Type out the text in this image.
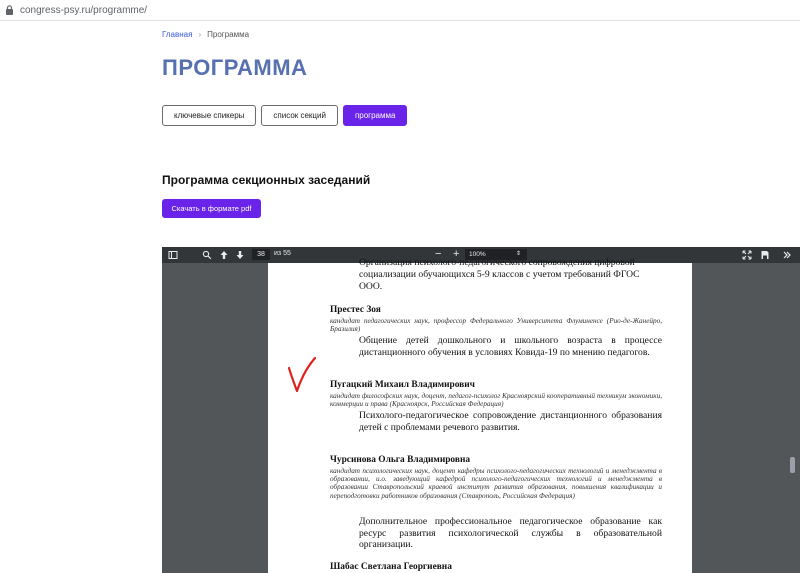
congress-psy.ru/programme/
Главная › Программа
ПРОГРАММА
ключевые спикеры	список секций	программа
Программа секционных заседаний
Скачать в формате pdf
38	из 55	− +	100%	⇕
Организация психолого-педагогического сопровождения цифровой
социализации обучающихся 5-9 классов с учетом требований ФГОС
ООО.
Престес Зоя
кандидат педагогических наук, профессор Федерального Университета Флуминенсе (Рио-де-Жанейро, Бразилия)
Общение детей дошкольного и школьного возраста в процессе дистанционного обучения в условиях Ковида-19 по мнению педагогов.
Пугацкий Михаил Владимирович
кандидат философских наук, доцент, педагог-психолог Красноярский кооперативный техникум экономики, коммерции и права (Красноярск, Российская Федерация)
Психолого-педагогическое сопровождение дистанционного образования детей с проблемами речевого развития.
Чурсинова Ольга Владимировна
кандидат психологических наук, доцент кафедры психолого-педагогических технологий и менеджмента в образовании, и.о. заведующий кафедрой психолого-педагогических технологий и менеджмента в образовании Ставропольский краевой институт развития образования, повышения квалификации и переподготовки работников образования (Ставрополь, Российская Федерация)
Дополнительное профессиональное педагогическое образование как ресурс развития психологической службы в образовательной организации.
Шабас Светлана Георгиевна
